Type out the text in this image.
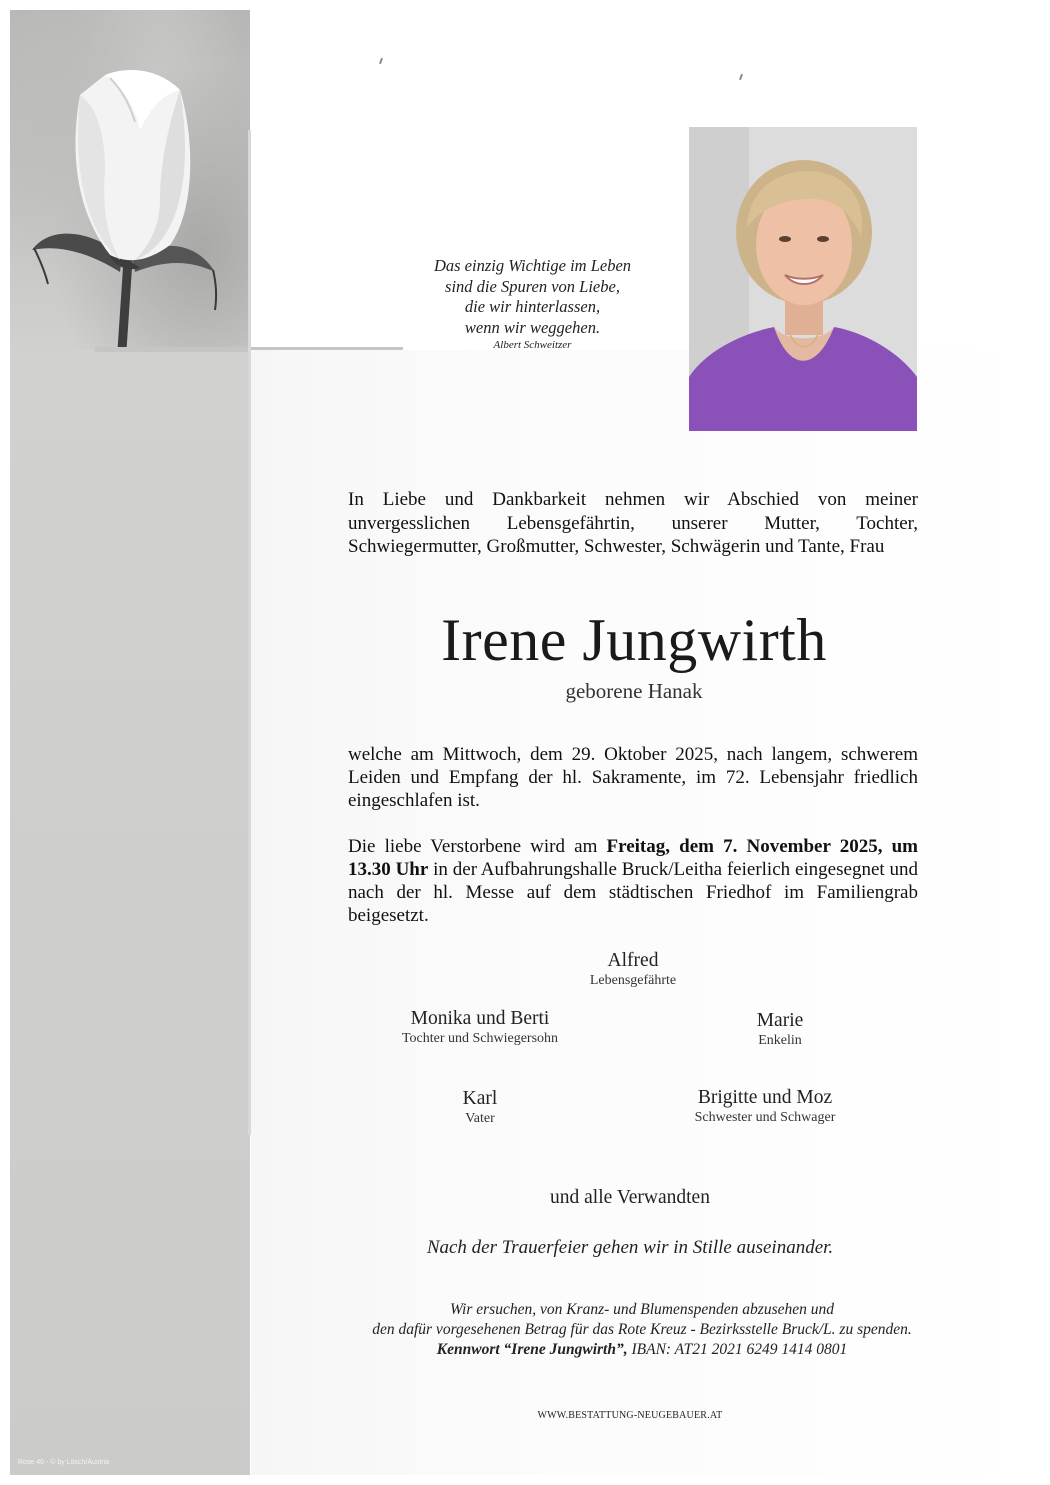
Rose 40 - © by Lösch/Austria
Das einzig Wichtige im Leben
sind die Spuren von Liebe,
die wir hinterlassen,
wenn wir weggehen.
Albert Schweitzer
In Liebe und Dankbarkeit nehmen wir Abschied von meiner unvergesslichen Lebensgefährtin, unserer Mutter, Tochter, Schwiegermutter, Großmutter, Schwester, Schwägerin und Tante, Frau
Irene Jungwirth
geborene Hanak
welche am Mittwoch, dem 29. Oktober 2025, nach langem, schwerem Leiden und Empfang der hl. Sakramente, im 72. Lebensjahr friedlich eingeschlafen ist.
Die liebe Verstorbene wird am Freitag, dem 7. November 2025, um 13.30 Uhr in der Aufbahrungshalle Bruck/Leitha feierlich eingesegnet und nach der hl. Messe auf dem städtischen Friedhof im Familiengrab beigesetzt.
Alfred
Lebensgefährte
Monika und Berti
Tochter und Schwiegersohn
Marie
Enkelin
Karl
Vater
Brigitte und Moz
Schwester und Schwager
und alle Verwandten
Nach der Trauerfeier gehen wir in Stille auseinander.
Wir ersuchen, von Kranz- und Blumenspenden abzusehen und
den dafür vorgesehenen Betrag für das Rote Kreuz - Bezirksstelle Bruck/L. zu spenden.
Kennwort “Irene Jungwirth”, IBAN: AT21 2021 6249 1414 0801
WWW.BESTATTUNG-NEUGEBAUER.AT
